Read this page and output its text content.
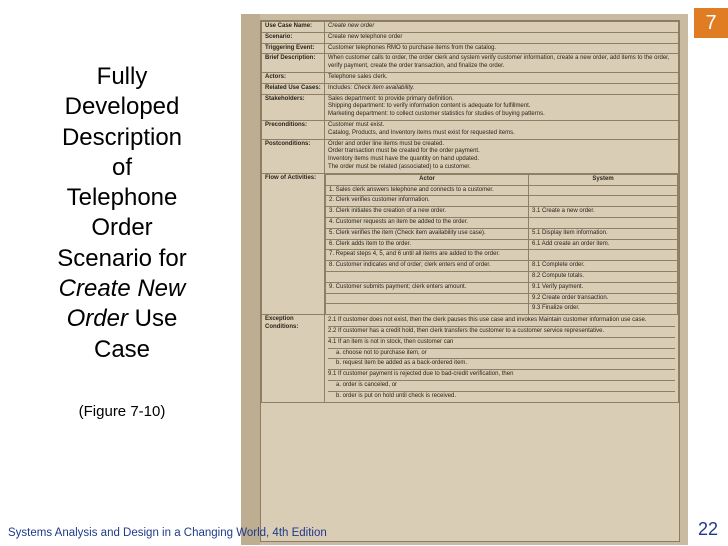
7
Fully
Developed
Description
of
Telephone
Order
Scenario for
Create New
Order Use
Case
(Figure 7-10)
Use Case Name:	Create new order
Scenario:	Create new telephone order
Triggering Event:	Customer telephones RMO to purchase items from the catalog.
Brief Description:	When customer calls to order, the order clerk and system verify customer information, create a new order, add items to the order, verify payment, create the order transaction, and finalize the order.
Actors:	Telephone sales clerk.
Related Use Cases:	Includes: Check item availability.
Stakeholders:	Sales department: to provide primary definition.
Shipping department: to verify information content is adequate for fulfillment.
Marketing department: to collect customer statistics for studies of buying patterns.

Preconditions:	Customer must exist.
Catalog, Products, and Inventory items must exist for requested items.

Postconditions:	Order and order line items must be created.
Order transaction must be created for the order payment.
Inventory items must have the quantity on hand updated.
The order must be related (associated) to a customer.

Flow of Activities:		Actor	System
1. Sales clerk answers telephone and connects to a customer.	
2. Clerk verifies customer information.	
3. Clerk initiates the creation of a new order.	3.1 Create a new order.
4. Customer requests an item be added to the order.	
5. Clerk verifies the item (Check item availability use case).	5.1 Display item information.
6. Clerk adds item to the order.	6.1 Add create an order item.
7. Repeat steps 4, 5, and 6 until all items are added to the order.	
8. Customer indicates end of order; clerk enters end of order.	8.1 Complete order.
	8.2 Compute totals.
9. Customer submits payment; clerk enters amount.	9.1 Verify payment.
	9.2 Create order transaction.
	9.3 Finalize order.

Exception Conditions:	
2.1 If customer does not exist, then the clerk pauses this use case and invokes Maintain customer information use case.
2.2 If customer has a credit hold, then clerk transfers the customer to a customer service representative.
4.1 If an item is not in stock, then customer can
a. choose not to purchase item, or
b. request item be added as a back-ordered item.
9.1 If customer payment is rejected due to bad-credit verification, then
a. order is canceled, or
b. order is put on hold until check is received.
Systems Analysis and Design in a Changing World, 4th Edition	22
